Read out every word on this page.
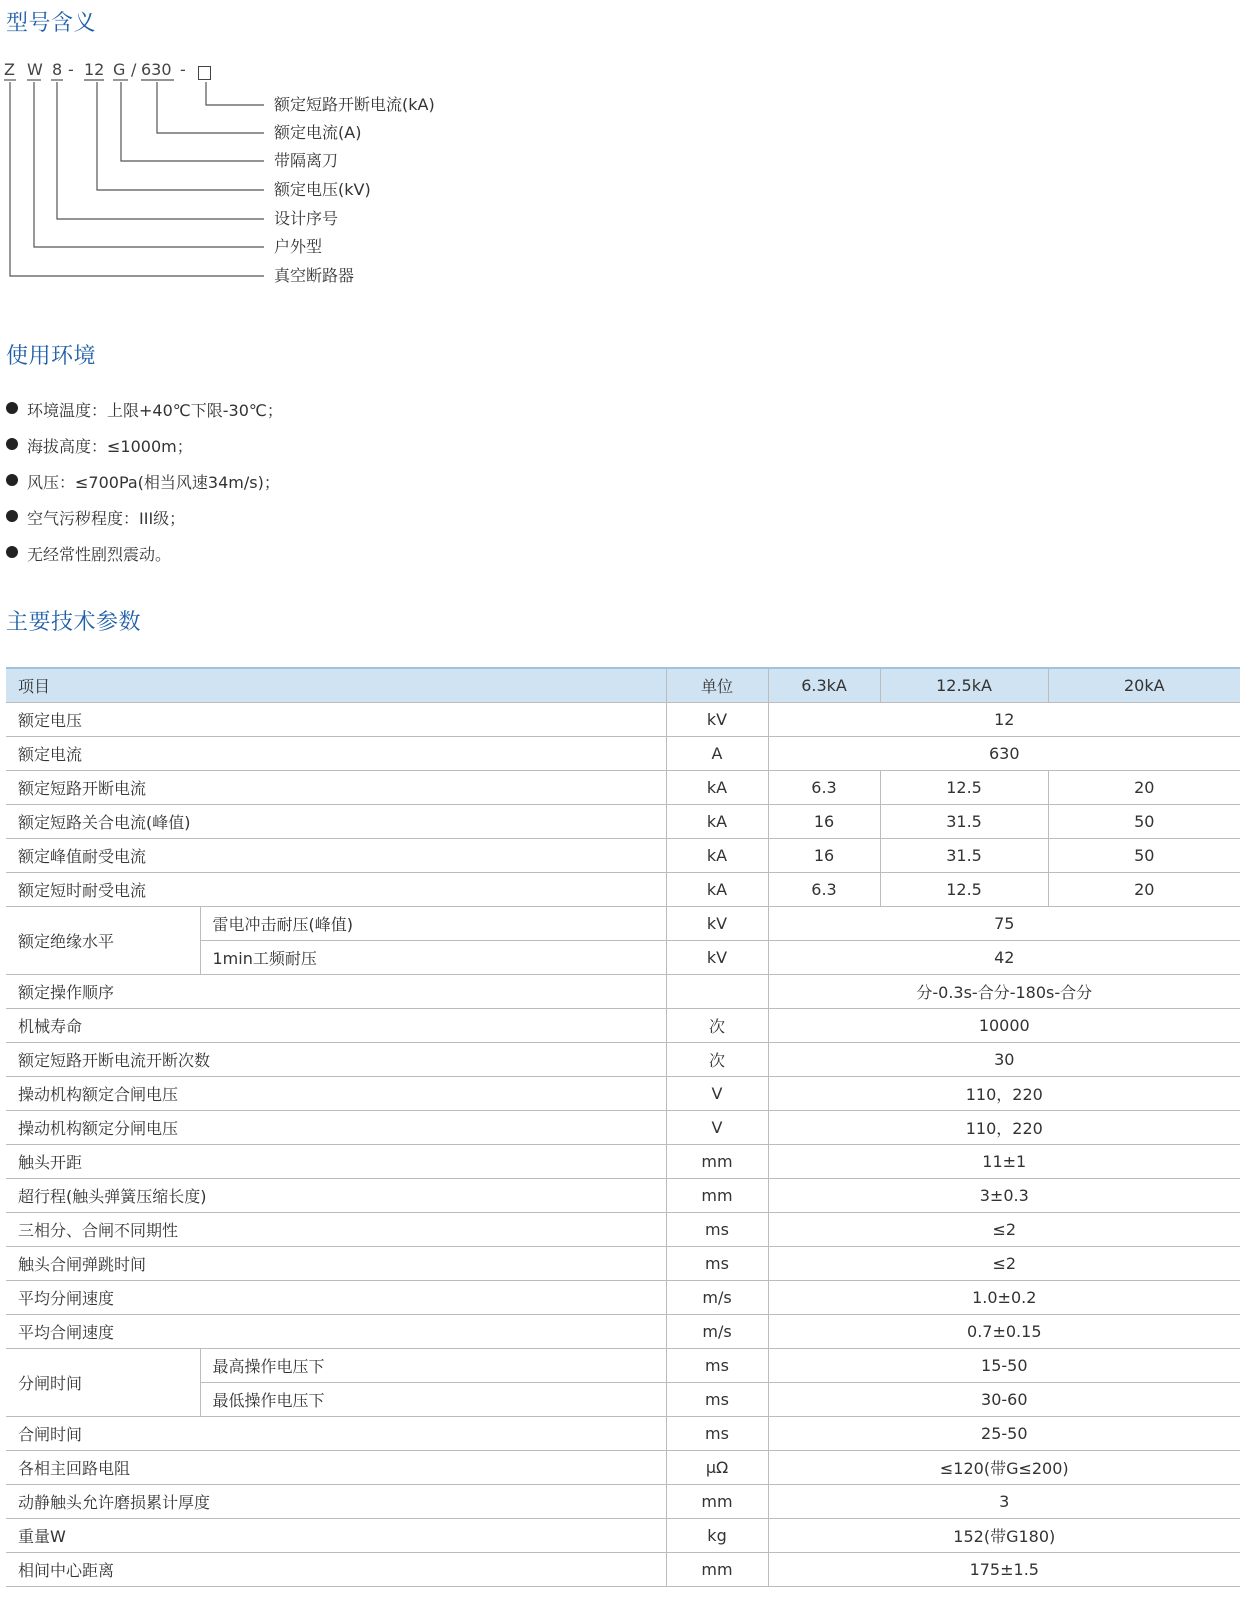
型号含义
Z W 8 - 12 G / 630 -
额定短路开断电流(kA)
额定电流(A)
带隔离刀
额定电压(kV)
设计序号
户外型
真空断路器
使用环境
环境温度：上限+40℃下限-30℃；
海拔高度：≤1000m；
风压：≤700Pa(相当风速34m/s)；
空气污秽程度：III级；
无经常性剧烈震动。
主要技术参数
项目		单位	6.3kA	12.5kA	20kA
额定电压		kV	12		
额定电流		A	630		
额定短路开断电流		kA	6.3	12.5	20
额定短路关合电流(峰值)		kA	16	31.5	50
额定峰值耐受电流		kA	16	31.5	50
额定短时耐受电流		kA	6.3	12.5	20
额定绝缘水平	雷电冲击耐压(峰值)	kV	75		
	1min工频耐压	kV	42		
额定操作顺序			分-0.3s-合分-180s-合分		
机械寿命		次	10000		
额定短路开断电流开断次数		次	30		
操动机构额定合闸电压		V	110，220		
操动机构额定分闸电压		V	110，220		
触头开距		mm	11±1		
超行程(触头弹簧压缩长度)		mm	3±0.3		
三相分、合闸不同期性		ms	≤2		
触头合闸弹跳时间		ms	≤2		
平均分闸速度		m/s	1.0±0.2		
平均合闸速度		m/s	0.7±0.15		
分闸时间	最高操作电压下	ms	15-50		
	最低操作电压下	ms	30-60		
合闸时间		ms	25-50		
各相主回路电阻		μΩ	≤120(带G≤200)		
动静触头允许磨损累计厚度		mm	3		
重量W		kg	152(带G180)		
相间中心距离		mm	175±1.5		
